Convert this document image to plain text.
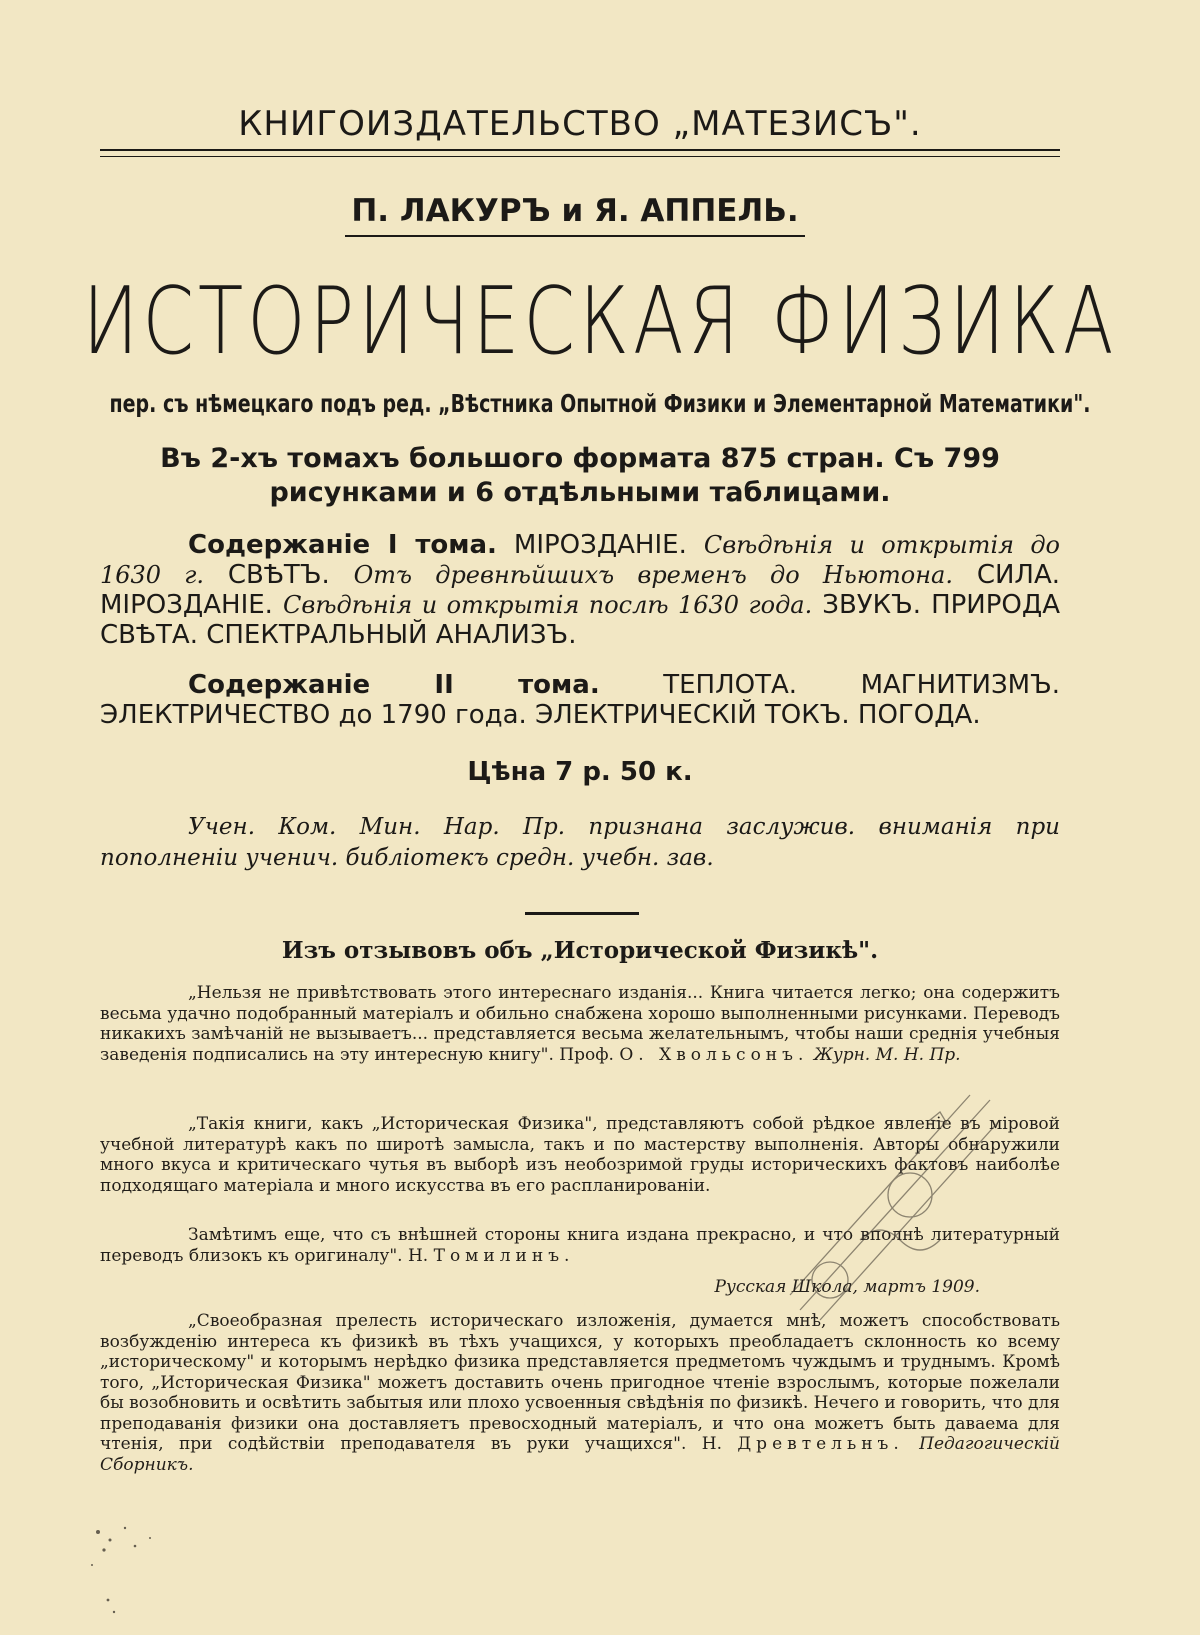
КНИГОИЗДАТЕЛЬСТВО „МАТЕЗИСЪ".
П. ЛАКУРЪ и Я. АППЕЛЬ.
ИСТОРИЧЕСКАЯ ФИЗИКА
пер. съ нѣмецкаго подъ ред. „Вѣстника Опытной Физики и Элементарной Математики".
Въ 2-хъ томахъ большого формата 875 стран. Съ 799 рисунками и 6 отдѣльными таблицами.
Содержаніе I тома. МІРОЗДАНІЕ. Свѣдѣнія и открытія до 1630 г. СВѢТЪ. Отъ древнѣйшихъ временъ до Ньютона. СИЛА. МІРОЗДАНІЕ. Свѣдѣнія и открытія послѣ 1630 года. ЗВУКЪ. ПРИРОДА СВѢТА. СПЕКТРАЛЬНЫЙ АНАЛИЗЪ.
Содержаніе II тома. ТЕПЛОТА. МАГНИТИЗМЪ. ЭЛЕКТРИЧЕСТВО до 1790 года. ЭЛЕКТРИЧЕСКІЙ ТОКЪ. ПОГОДА.
Цѣна 7 р. 50 к.
Учен. Ком. Мин. Нар. Пр. признана заслужив. вниманія при пополненіи ученич. библіотекъ средн. учебн. зав.
Изъ отзывовъ объ „Исторической Физикѣ".
„Нельзя не привѣтствовать этого интереснаго изданія... Книга читается легко; она содержитъ весьма удачно подобранный матеріалъ и обильно снабжена хорошо выполненными рисунками. Переводъ никакихъ замѣчаній не вызываетъ... представляется весьма желательнымъ, чтобы наши среднія учебныя заведенія подписались на эту интересную книгу". Проф. О. Хвольсонъ. Журн. М. Н. Пр.
„Такія книги, какъ „Историческая Физика", представляютъ собой рѣдкое явленіе въ міровой учебной литературѣ какъ по широтѣ замысла, такъ и по мастерству выполненія. Авторы обнаружили много вкуса и критическаго чутья въ выборѣ изъ необозримой груды историческихъ фактовъ наиболѣе подходящаго матеріала и много искусства въ его распланированіи.
Замѣтимъ еще, что съ внѣшней стороны книга издана прекрасно, и что вполнѣ литературный переводъ близокъ къ оригиналу". Н. Томилинъ.
Русская Школа, мартъ 1909.
„Своеобразная прелесть историческаго изложенія, думается мнѣ, можетъ способствовать возбужденію интереса къ физикѣ въ тѣхъ учащихся, у которыхъ преобладаетъ склонность ко всему „историческому" и которымъ нерѣдко физика представляется предметомъ чуждымъ и труднымъ. Кромѣ того, „Историческая Физика" можетъ доставить очень пригодное чтеніе взрослымъ, которые пожелали бы возобновить и освѣтить забытыя или плохо усвоенныя свѣдѣнія по физикѣ. Нечего и говорить, что для преподаванія физики она доставляетъ превосходный матеріалъ, и что она можетъ быть даваема для чтенія, при содѣйствіи преподавателя въ руки учащихся". Н. Древтельнъ. Педагогическій Сборникъ.
